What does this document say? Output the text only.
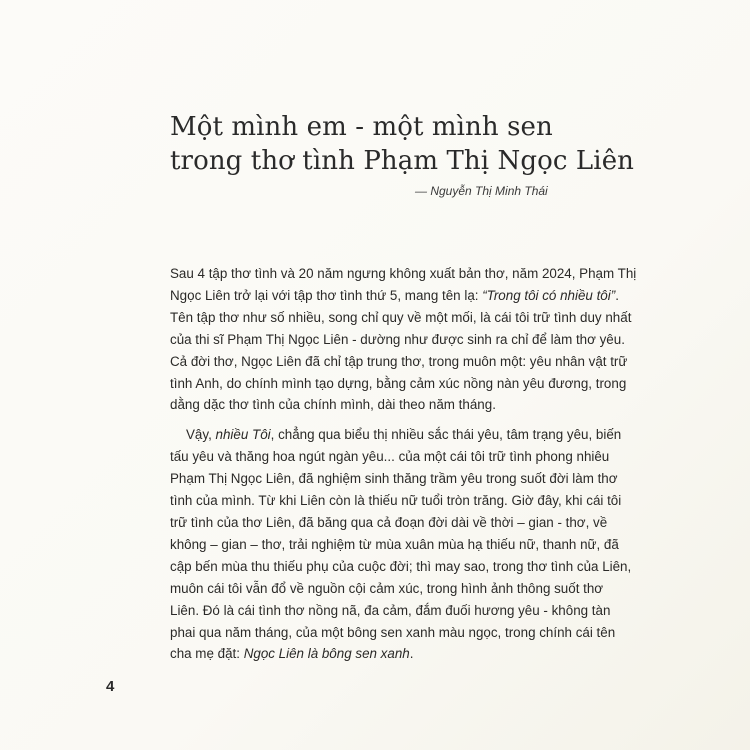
Một mình em - một mình sen
trong thơ tình Phạm Thị Ngọc Liên
— Nguyễn Thị Minh Thái
Sau 4 tập thơ tình và 20 năm ngưng không xuất bản thơ, năm 2024, Phạm Thị
Ngọc Liên trở lại với tập thơ tình thứ 5, mang tên lạ: “Trong tôi có nhiều tôi”.
Tên tập thơ như số nhiều, song chỉ quy về một mối, là cái tôi trữ tình duy nhất
của thi sĩ Phạm Thị Ngọc Liên - dường như được sinh ra chỉ để làm thơ yêu.
Cả đời thơ, Ngọc Liên đã chỉ tập trung thơ, trong muôn một: yêu nhân vật trữ
tình Anh, do chính mình tạo dựng, bằng cảm xúc nồng nàn yêu đương, trong
dằng dặc thơ tình của chính mình, dài theo năm tháng.
Vậy, nhiều Tôi, chẳng qua biểu thị nhiều sắc thái yêu, tâm trạng yêu, biến
tấu yêu và thăng hoa ngút ngàn yêu... của một cái tôi trữ tình phong nhiêu
Phạm Thị Ngọc Liên, đã nghiệm sinh thăng trầm yêu trong suốt đời làm thơ
tình của mình. Từ khi Liên còn là thiếu nữ tuổi tròn trăng. Giờ đây, khi cái tôi
trữ tình của thơ Liên, đã băng qua cả đoạn đời dài về thời – gian - thơ, về
không – gian – thơ, trải nghiệm từ mùa xuân mùa hạ thiếu nữ, thanh nữ, đã
cập bến mùa thu thiếu phụ của cuộc đời; thì may sao, trong thơ tình của Liên,
muôn cái tôi vẫn đổ về nguồn cội cảm xúc, trong hình ảnh thông suốt thơ
Liên. Đó là cái tình thơ nồng nã, đa cảm, đắm đuối hương yêu - không tàn
phai qua năm tháng, của một bông sen xanh màu ngọc, trong chính cái tên
cha mẹ đặt: Ngọc Liên là bông sen xanh.
4
